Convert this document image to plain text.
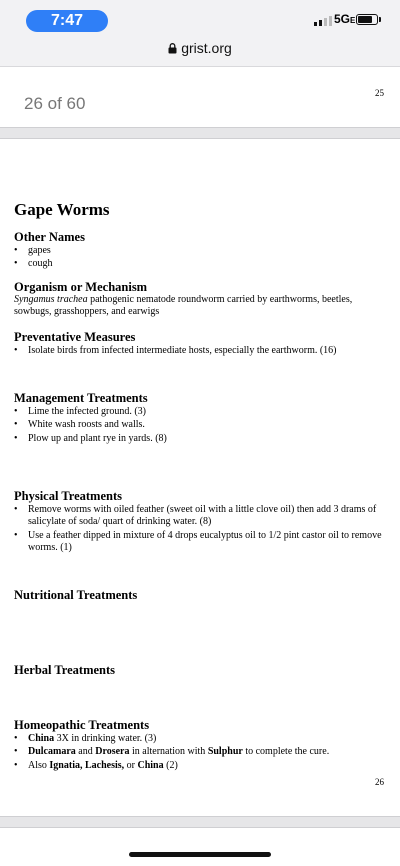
7:47	5GE
grist.org
26 of 60
25
Gape Worms
Other Names
• gapes
• cough
Organism or Mechanism
Syngamus trachea pathogenic nematode roundworm carried by earthworms, beetles, sowbugs, grasshoppers, and earwigs
Preventative Measures
• Isolate birds from infected intermediate hosts, especially the earthworm. (16)
Management Treatments
• Lime the infected ground. (3)
• White wash roosts and walls.
• Plow up and plant rye in yards. (8)
Physical Treatments
• Remove worms with oiled feather (sweet oil with a little clove oil) then add 3 drams of salicylate of soda/ quart of drinking water. (8)
• Use a feather dipped in mixture of 4 drops eucalyptus oil to 1/2 pint castor oil to remove worms. (1)
Nutritional Treatments
Herbal Treatments
Homeopathic Treatments
• China 3X in drinking water. (3)
• Dulcamara and Drosera in alternation with Sulphur to complete the cure.
• Also Ignatia, Lachesis, or China (2)
26
